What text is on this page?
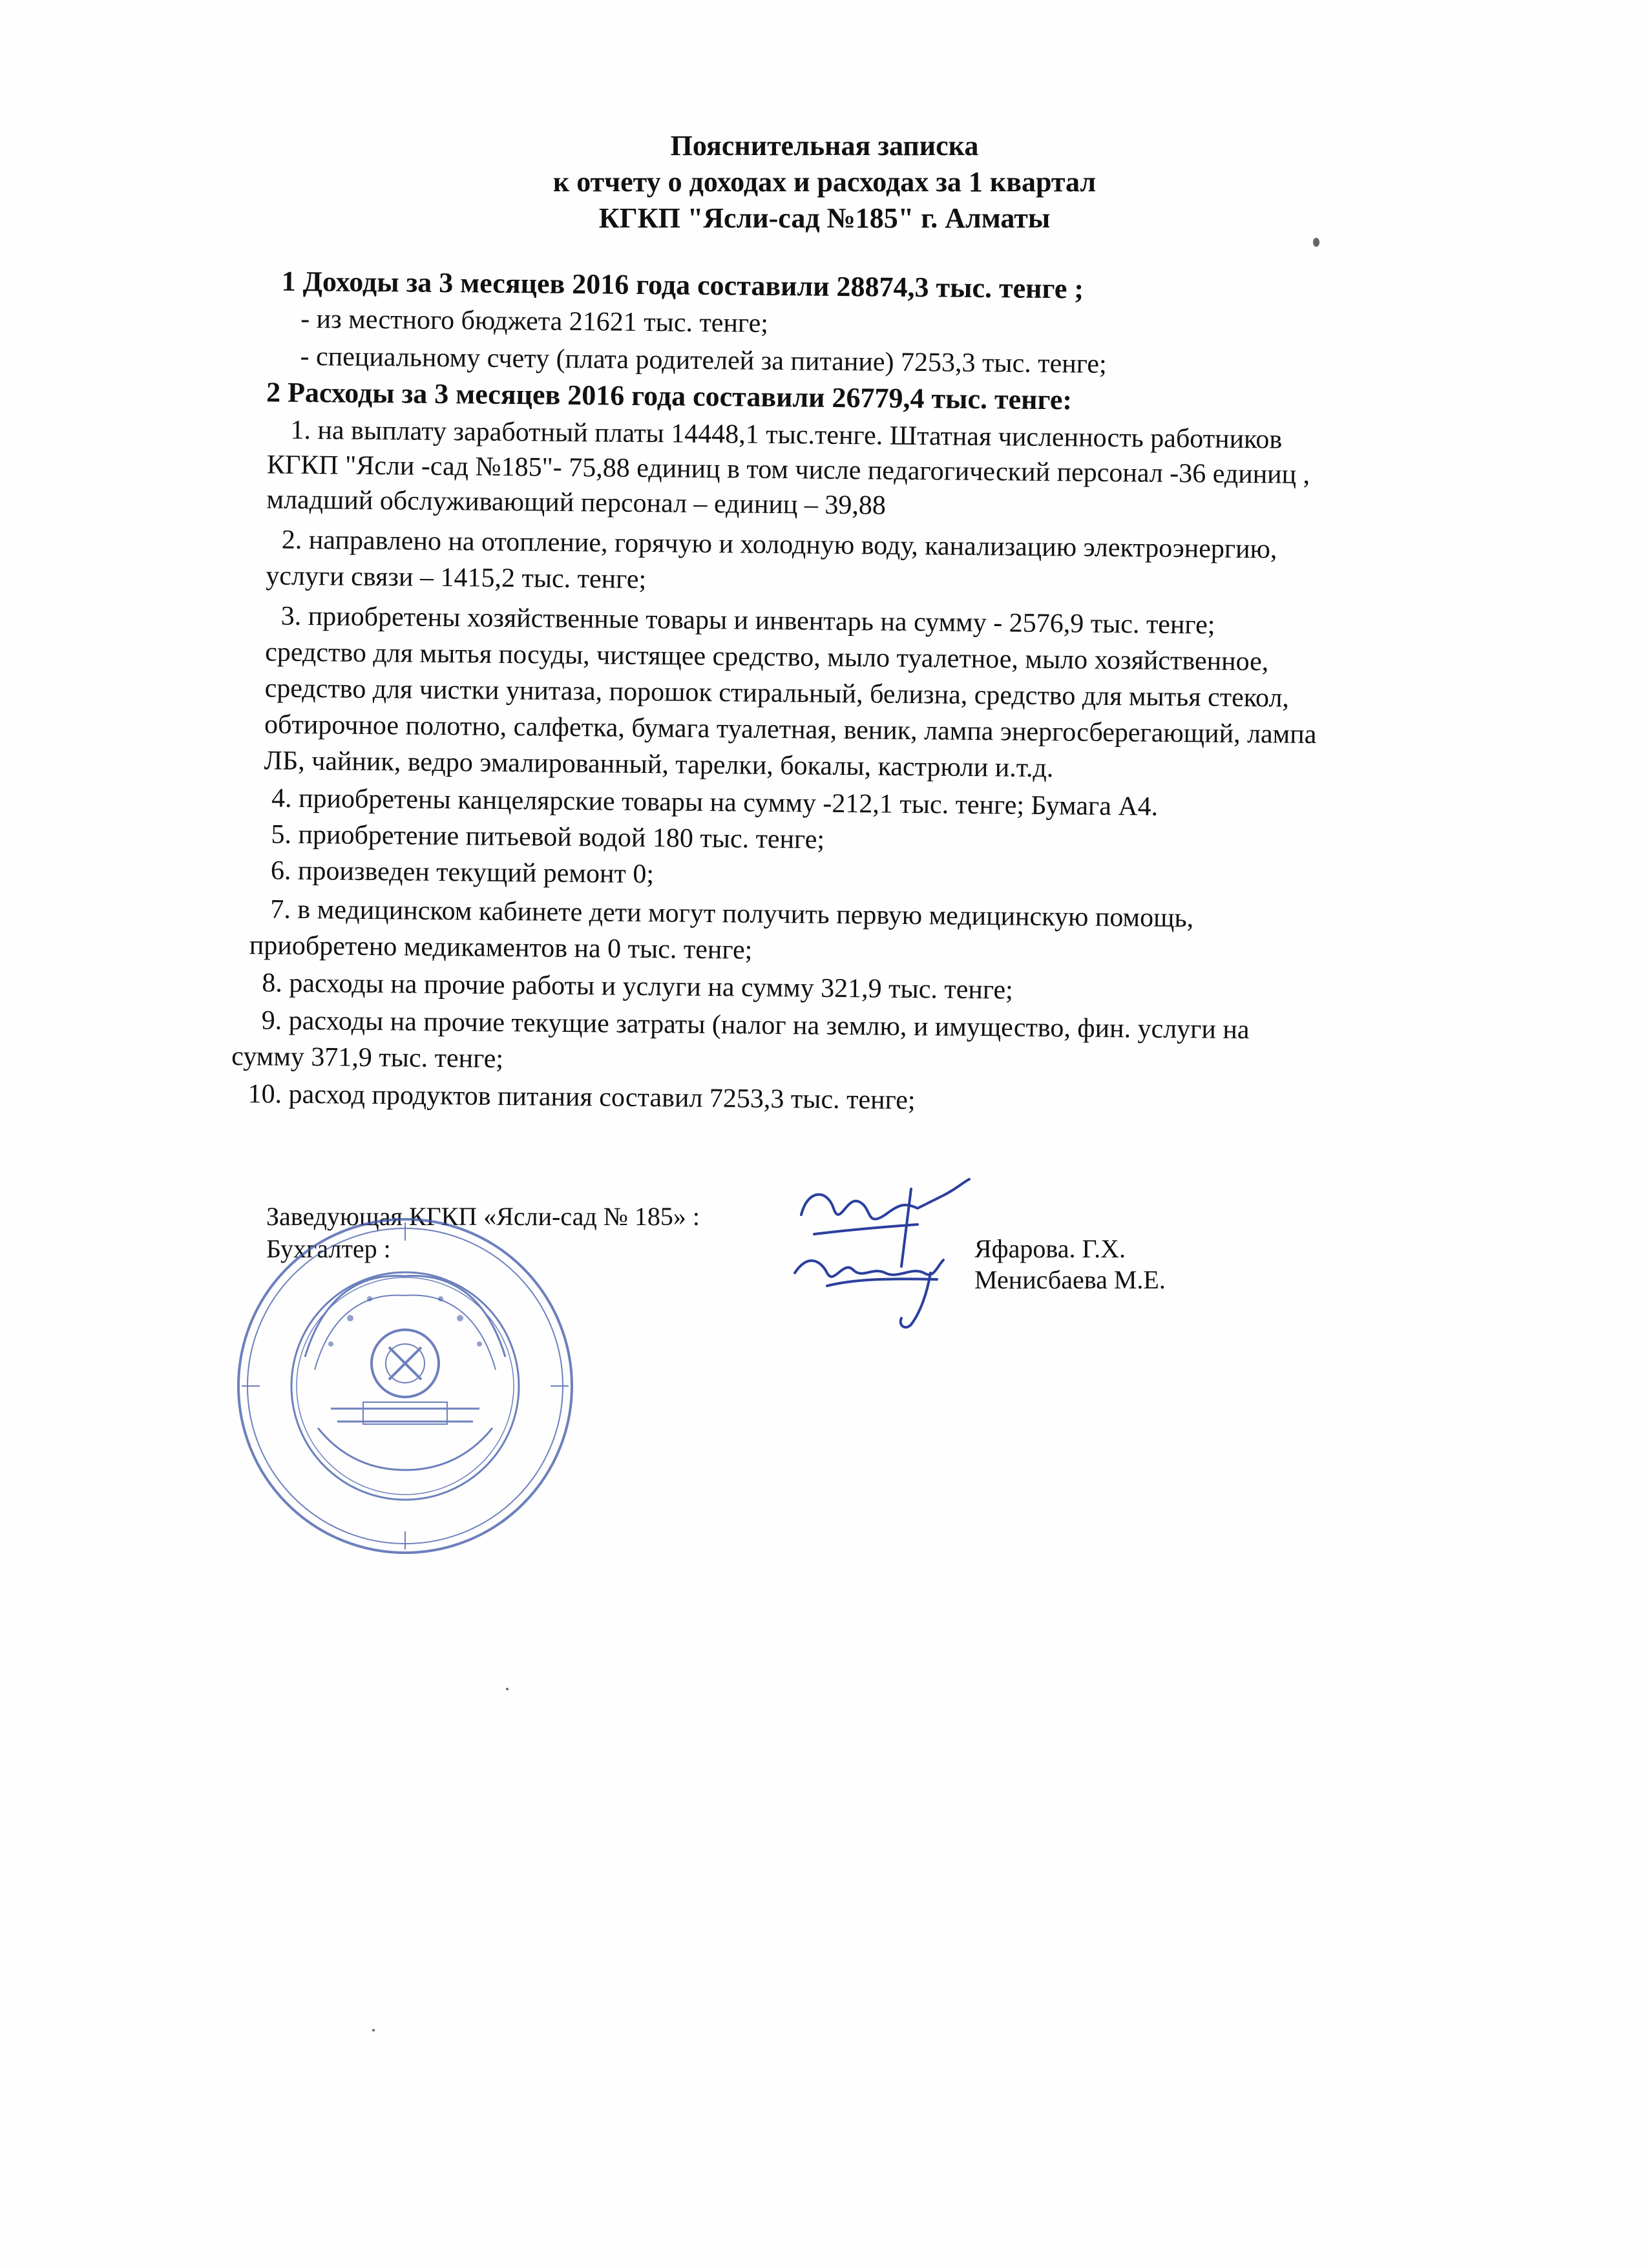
Пояснительная записка
к отчету о доходах и расходах за 1 квартал
КГКП "Ясли-сад №185" г. Алматы
1 Доходы за 3 месяцев 2016 года составили 28874,3 тыс. тенге ;
- из местного бюджета 21621 тыс. тенге;
- специальному счету (плата родителей за питание) 7253,3 тыс. тенге;
2 Расходы за 3 месяцев 2016 года составили 26779,4 тыс. тенге:
1. на выплату заработный платы 14448,1 тыс.тенге. Штатная численность работников
КГКП "Ясли -сад №185"- 75,88 единиц в том числе педагогический персонал -36 единиц ,
младший обслуживающий персонал – единиц – 39,88
2. направлено на отопление, горячую и холодную воду, канализацию электроэнергию,
услуги связи – 1415,2 тыс. тенге;
3. приобретены хозяйственные товары и инвентарь на сумму - 2576,9 тыс. тенге;
средство для мытья посуды, чистящее средство, мыло туалетное, мыло хозяйственное,
средство для чистки унитаза, порошок стиральный, белизна, средство для мытья стекол,
обтирочное полотно, салфетка, бумага туалетная, веник, лампа энергосберегающий, лампа
ЛБ, чайник, ведро эмалированный, тарелки, бокалы, кастрюли и.т.д.
4. приобретены канцелярские товары на сумму -212,1 тыс. тенге; Бумага А4.
5. приобретение питьевой водой 180 тыс. тенге;
6. произведен текущий ремонт 0;
7. в медицинском кабинете дети могут получить первую медицинскую помощь,
приобретено медикаментов на 0 тыс. тенге;
8. расходы на прочие работы и услуги на сумму 321,9 тыс. тенге;
9. расходы на прочие текущие затраты (налог на землю, и имущество, фин. услуги на
сумму 371,9 тыс. тенге;
10. расход продуктов питания составил 7253,3 тыс. тенге;
Заведующая КГКП «Ясли-сад № 185» :
Бухгалтер :	Яфарова. Г.Х.
Менисбаева М.Е.
